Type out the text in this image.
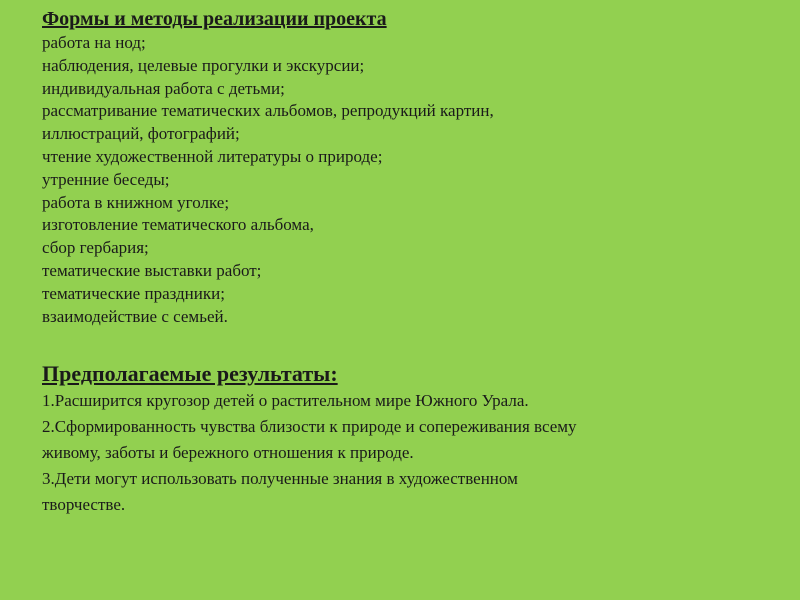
Формы и методы реализации проекта
работа на нод;
наблюдения, целевые прогулки и экскурсии;
индивидуальная работа с детьми;
рассматривание тематических альбомов, репродукций картин,
иллюстраций, фотографий;
чтение художественной литературы о природе;
утренние беседы;
работа в книжном уголке;
изготовление тематического альбома,
сбор гербария;
тематические выставки работ;
тематические праздники;
взаимодействие с семьей.
Предполагаемые результаты:
1.Расширится кругозор детей о растительном мире Южного Урала.
2.Сформированность чувства близости к природе и сопереживания всему
живому, заботы и бережного отношения к природе.
3.Дети могут использовать полученные знания в художественном
творчестве.
